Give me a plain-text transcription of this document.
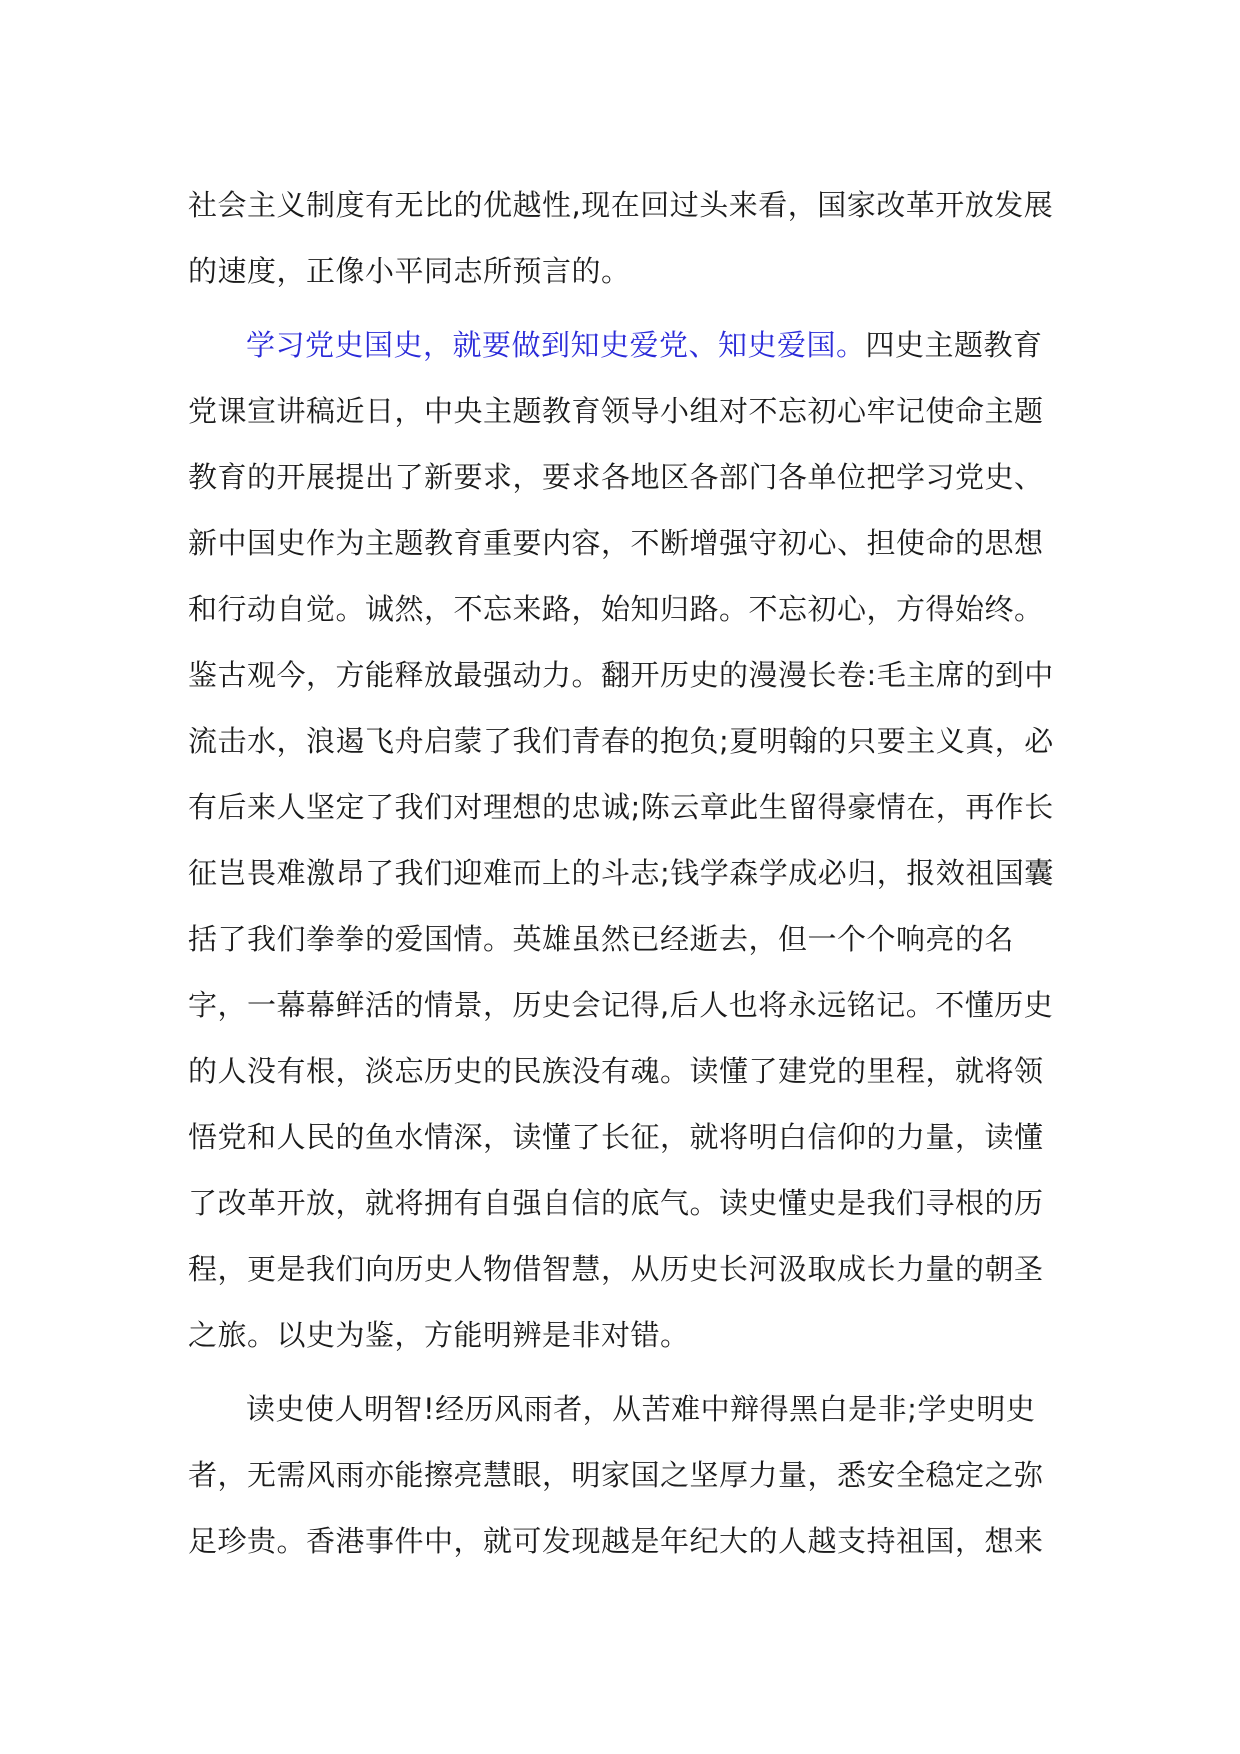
社会主义制度有无比的优越性,现在回过头来看，国家改革开放发展
的速度，正像小平同志所预言的。
学习党史国史，就要做到知史爱党、知史爱国。四史主题教育
党课宣讲稿近日，中央主题教育领导小组对不忘初心牢记使命主题
教育的开展提出了新要求，要求各地区各部门各单位把学习党史、
新中国史作为主题教育重要内容，不断增强守初心、担使命的思想
和行动自觉。诚然，不忘来路，始知归路。不忘初心，方得始终。
鉴古观今，方能释放最强动力。翻开历史的漫漫长卷:毛主席的到中
流击水，浪遏飞舟启蒙了我们青春的抱负;夏明翰的只要主义真，必
有后来人坚定了我们对理想的忠诚;陈云章此生留得豪情在，再作长
征岂畏难激昂了我们迎难而上的斗志;钱学森学成必归，报效祖国囊
括了我们拳拳的爱国情。英雄虽然已经逝去，但一个个响亮的名
字，一幕幕鲜活的情景，历史会记得,后人也将永远铭记。不懂历史
的人没有根，淡忘历史的民族没有魂。读懂了建党的里程，就将领
悟党和人民的鱼水情深，读懂了长征，就将明白信仰的力量，读懂
了改革开放，就将拥有自强自信的底气。读史懂史是我们寻根的历
程，更是我们向历史人物借智慧，从历史长河汲取成长力量的朝圣
之旅。以史为鉴，方能明辨是非对错。
读史使人明智!经历风雨者，从苦难中辩得黑白是非;学史明史
者，无需风雨亦能擦亮慧眼，明家国之坚厚力量，悉安全稳定之弥
足珍贵。香港事件中，就可发现越是年纪大的人越支持祖国，想来
